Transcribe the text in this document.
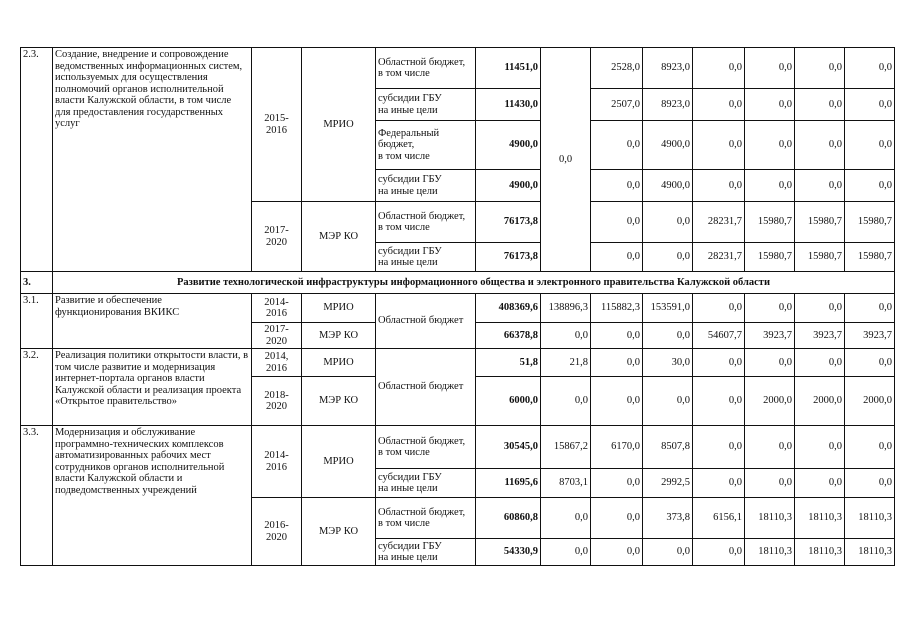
2.3.	Создание, внедрение и сопровождение ведомственных информационных систем, используемых для осуществления полномочий органов исполнительной власти Калужской области, в том числе для предоставления государственных услуг	2015-2016	МРИО	Областной бюджет,
в том числе	11451,0	0,0	2528,0	8923,0	0,0	0,0	0,0	0,0
				субсидии ГБУ
на иные цели	11430,0		2507,0	8923,0	0,0	0,0	0,0	0,0
				Федеральный бюджет,
в том числе	4900,0		0,0	4900,0	0,0	0,0	0,0	0,0
				субсидии ГБУ
на иные цели	4900,0		0,0	4900,0	0,0	0,0	0,0	0,0
		2017-2020	МЭР КО	Областной бюджет,
в том числе	76173,8		0,0	0,0	28231,7	15980,7	15980,7	15980,7
				субсидии ГБУ
на иные цели	76173,8		0,0	0,0	28231,7	15980,7	15980,7	15980,7
3.	Развитие технологической инфраструктуры информационного общества и электронного правительства Калужской области											
3.1.	Развитие и обеспечение функционирования ВКИКС	2014-2016	МРИО	Областной бюджет	408369,6	138896,3	115882,3	153591,0	0,0	0,0	0,0	0,0
		2017-2020	МЭР КО		66378,8	0,0	0,0	0,0	54607,7	3923,7	3923,7	3923,7
3.2.	Реализация политики открытости власти, в том числе развитие и модернизация интернет-портала органов власти Калужской области и реализация проекта «Открытое правительство»	2014, 2016	МРИО	Областной бюджет	51,8	21,8	0,0	30,0	0,0	0,0	0,0	0,0
		2018-2020	МЭР КО		6000,0	0,0	0,0	0,0	0,0	2000,0	2000,0	2000,0
3.3.	Модернизация и обслуживание программно-технических комплексов автоматизированных рабочих мест сотрудников органов исполнительной власти Калужской области и подведомственных учреждений	2014-2016	МРИО	Областной бюджет,
в том числе	30545,0	15867,2	6170,0	8507,8	0,0	0,0	0,0	0,0
				субсидии ГБУ
на иные цели	11695,6	8703,1	0,0	2992,5	0,0	0,0	0,0	0,0
		2016-2020	МЭР КО	Областной бюджет,
в том числе	60860,8	0,0	0,0	373,8	6156,1	18110,3	18110,3	18110,3
				субсидии ГБУ
на иные цели	54330,9	0,0	0,0	0,0	0,0	18110,3	18110,3	18110,3
